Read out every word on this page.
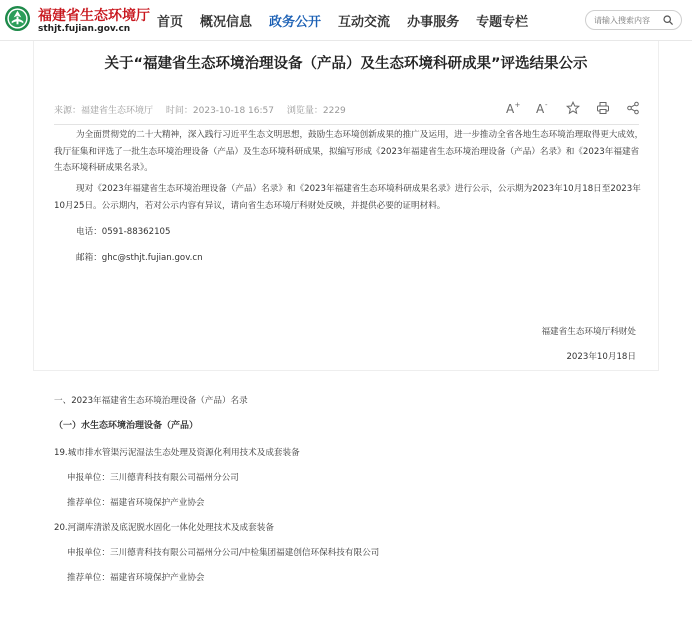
福建省生态环境厅
sthjt.fujian.gov.cn 首页 概况信息 政务公开 互动交流 办事服务 专题专栏
请输入搜索内容
关于“福建省生态环境治理设备（产品）及生态环境科研成果”评选结果公示
来源：福建省生态环境厅 时间：2023-10-18 16:57 浏览量：2229	A + A -
为全面贯彻党的二十大精神，深入践行习近平生态文明思想，鼓励生态环境创新成果的推广及运用，进一步推动全省各地生态环境治理取得更大成效，我厅征集和评选了一批生态环境治理设备（产品）及生态环境科研成果，拟编写形成《2023年福建省生态环境治理设备（产品）名录》和《2023年福建省生态环境科研成果名录》。
现对《2023年福建省生态环境治理设备（产品）名录》和《2023年福建省生态环境科研成果名录》进行公示，公示期为2023年10月18日至2023年10月25日。公示期内，若对公示内容有异议，请向省生态环境厅科财处反映，并提供必要的证明材料。
电话：0591-88362105
邮箱：ghc@sthjt.fujian.gov.cn
福建省生态环境厅科财处
2023年10月18日
一、2023年福建省生态环境治理设备（产品）名录
（一）水生态环境治理设备（产品）
19.城市排水管渠污泥湿法生态处理及资源化利用技术及成套装备
申报单位：三川德青科技有限公司福州分公司
推荐单位：福建省环境保护产业协会
20.河湖库清淤及底泥脱水固化一体化处理技术及成套装备
申报单位：三川德青科技有限公司福州分公司/中检集团福建创信环保科技有限公司
推荐单位：福建省环境保护产业协会
